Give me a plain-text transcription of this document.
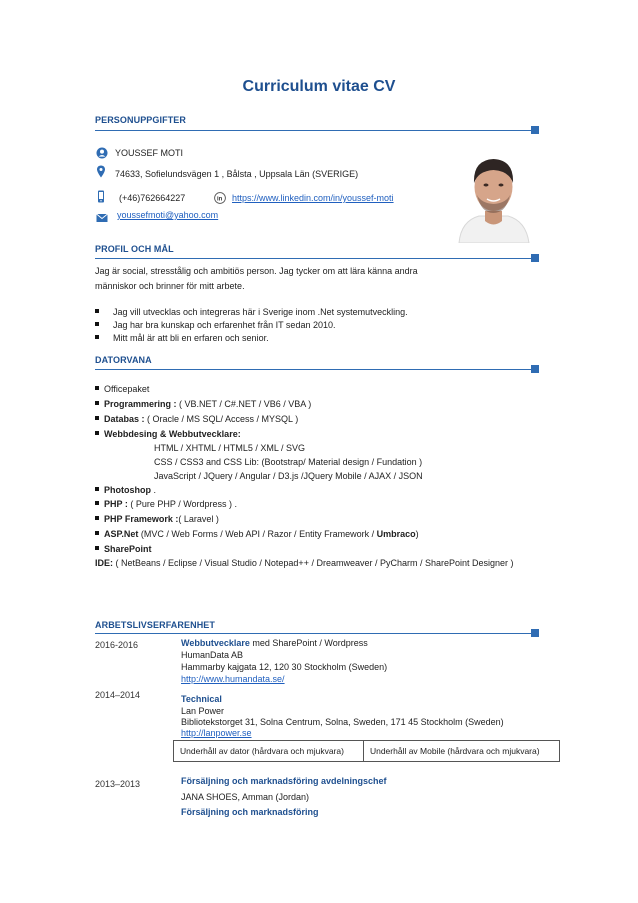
Curriculum vitae CV
PERSONUPPGIFTER
YOUSSEF MOTI
74633, Sofielundsvägen 1 , Bålsta , Uppsala Län (SVERIGE)
(+46)762664227	in https://www.linkedin.com/in/youssef-moti
youssefmoti@yahoo.com
PROFIL OCH MÅL
Jag är social, stresstålig och ambitiös person. Jag tycker om att lära känna andra
människor och brinner för mitt arbete.
Jag vill utvecklas och integreras här i Sverige inom .Net systemutveckling.
Jag har bra kunskap och erfarenhet från IT sedan 2010.
Mitt mål är att bli en erfaren och senior.
DATORVANA
Officepaket
Programmering : ( VB.NET / C#.NET / VB6 / VBA )
Databas : ( Oracle / MS SQL/ Access / MYSQL )
Webbdesing & Webbutvecklare:
HTML / XHTML / HTML5 / XML / SVG
CSS / CSS3 and CSS Lib: (Bootstrap/ Material design / Fundation )
JavaScript / JQuery / Angular / D3.js /JQuery Mobile / AJAX / JSON
Photoshop .
PHP : ( Pure PHP / Wordpress ) .
PHP Framework :( Laravel )
ASP.Net (MVC / Web Forms / Web API / Razor / Entity Framework / Umbraco)
SharePoint
IDE: ( NetBeans / Eclipse / Visual Studio / Notepad++ / Dreamweaver / PyCharm / SharePoint Designer )
ARBETSLIVSERFARENHET
2016-2016	Webbutvecklare med SharePoint / Wordpress
HumanData AB
Hammarby kajgata 12, 120 30 Stockholm (Sweden)
http://www.humandata.se/
2014–2014	Technical
Lan Power
Bibliotekstorget 31, Solna Centrum, Solna, Sweden, 171 45 Stockholm (Sweden)
http://lanpower.se
Underhåll av dator (hårdvara och mjukvara)	Underhåll av Mobile (hårdvara och mjukvara)
2013–2013	Försäljning och marknadsföring avdelningschef
JANA SHOES, Amman (Jordan)
Försäljning och marknadsföring
